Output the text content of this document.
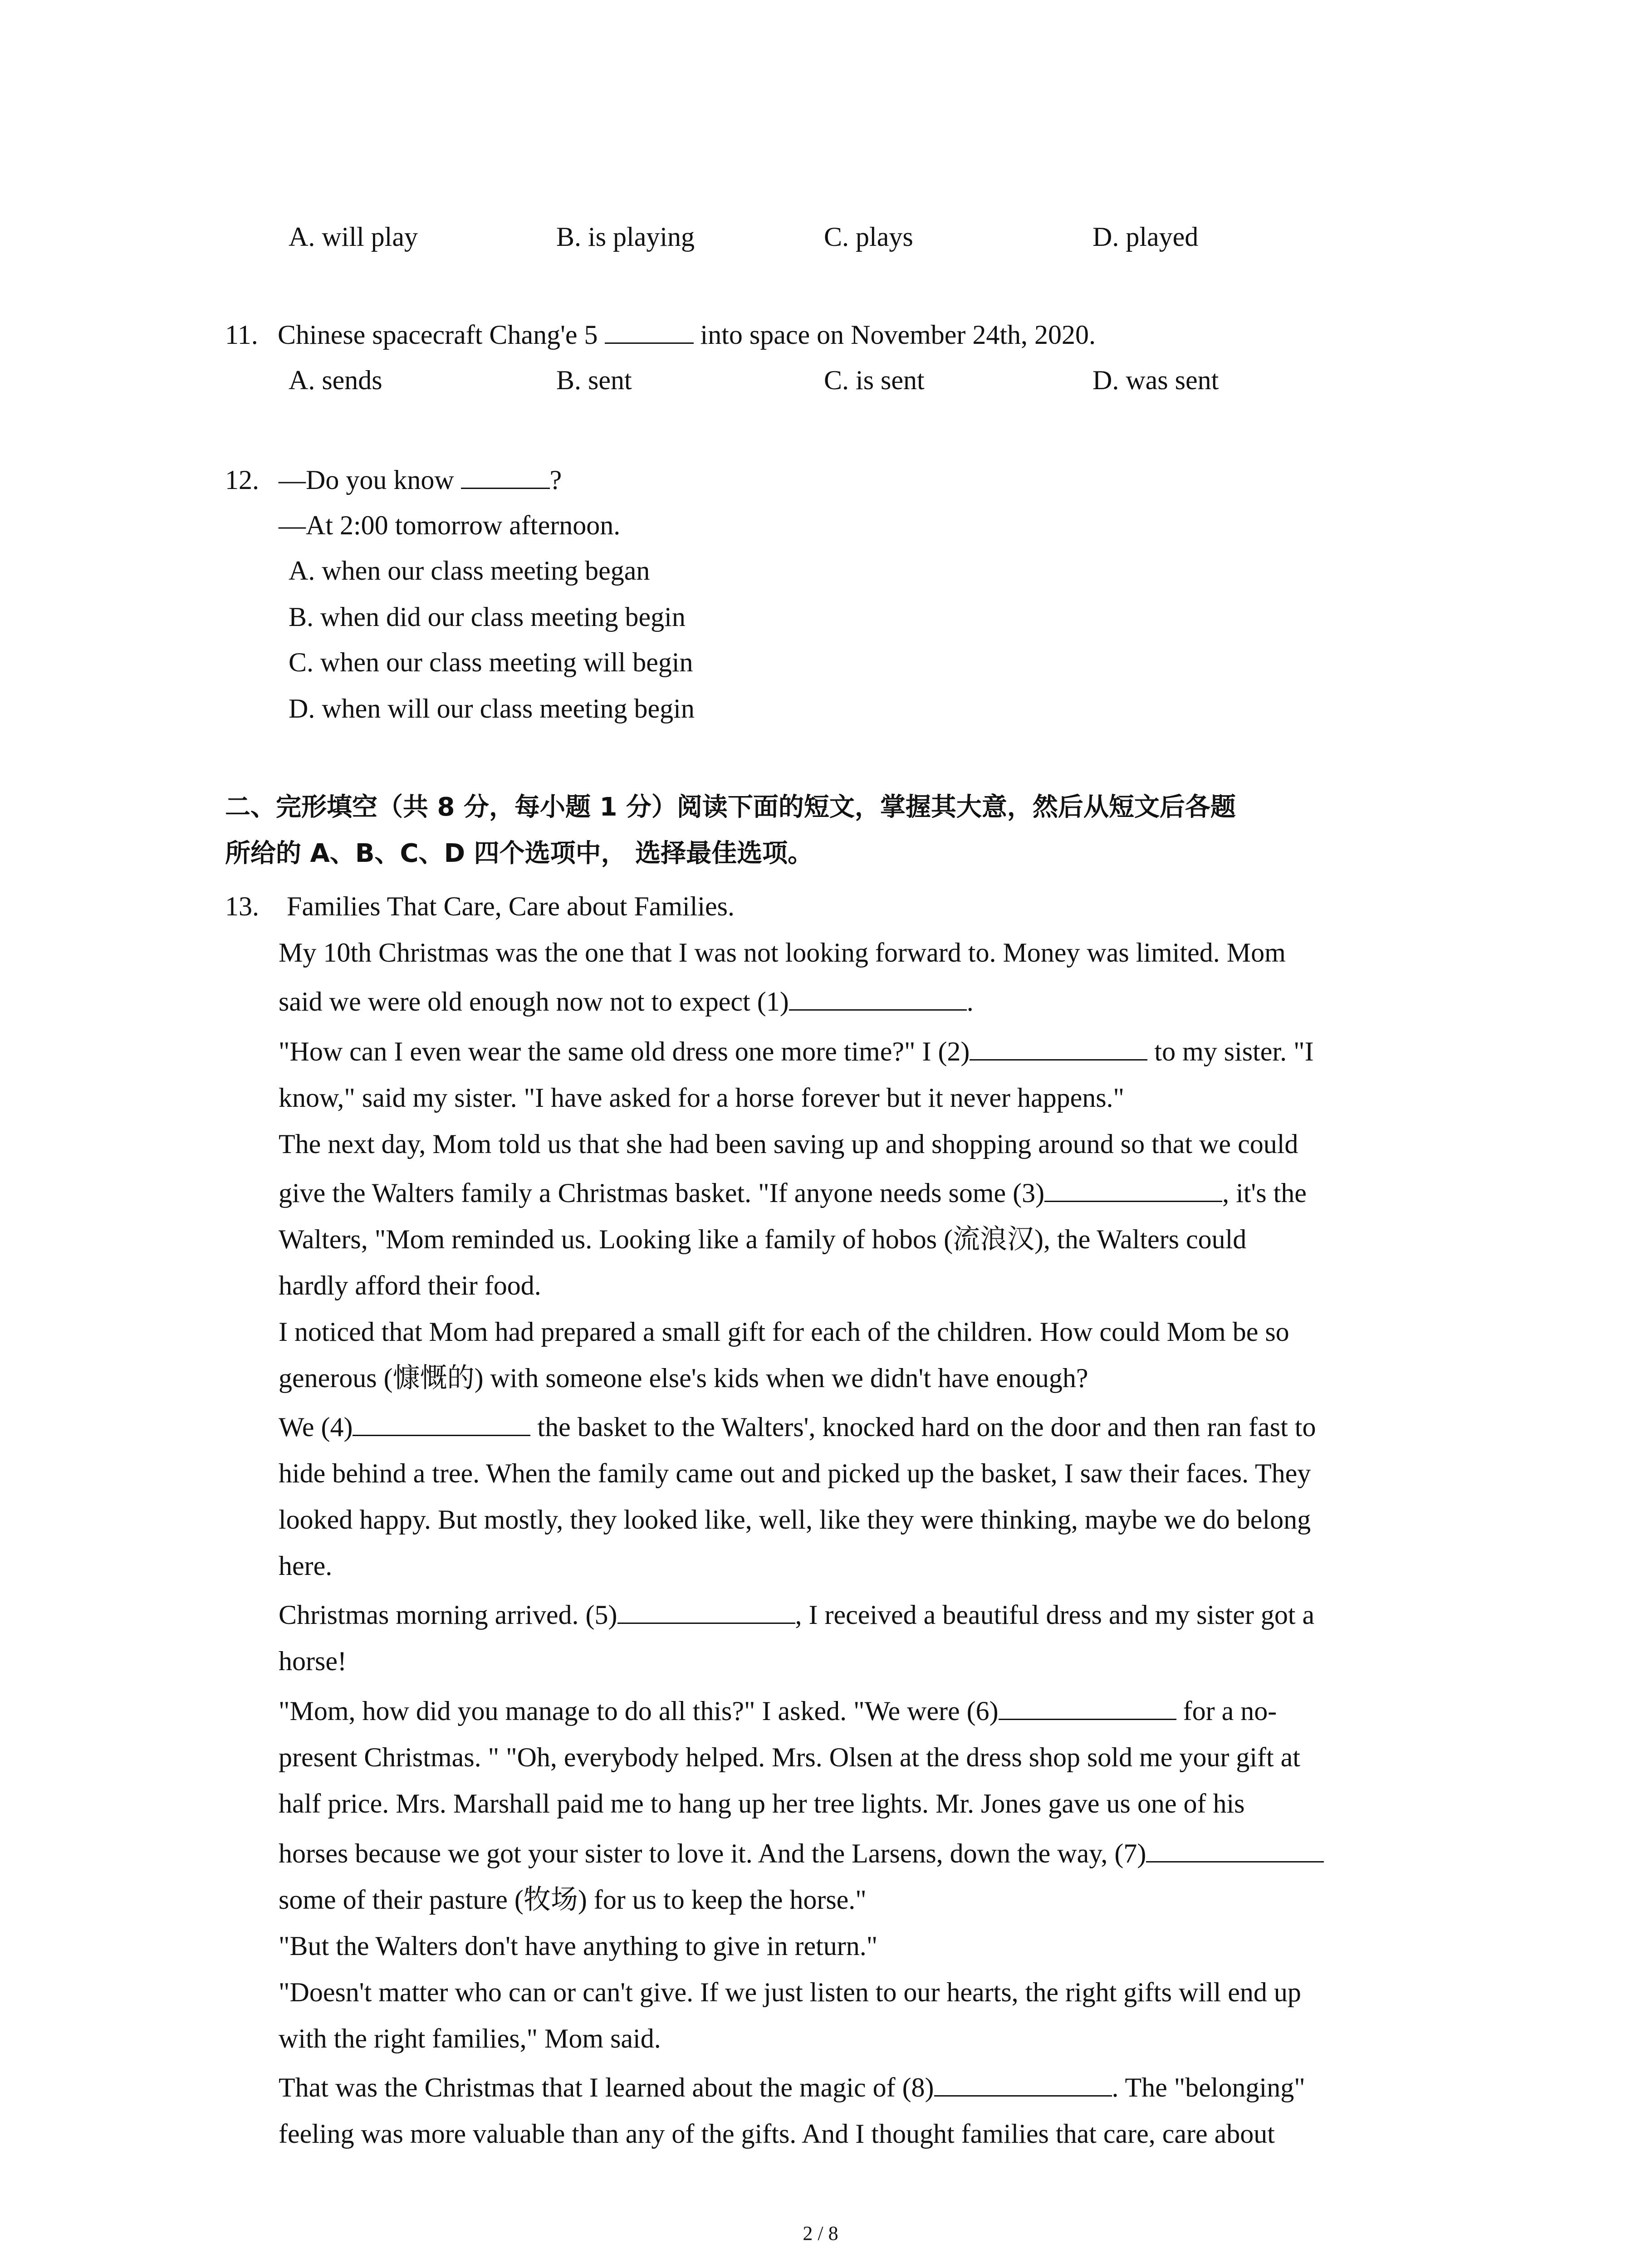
A. will play	B. is playing	C. plays	D. played
11. Chinese spacecraft Chang'e 5	into space on November 24th, 2020.
A. sends	B. sent	C. is sent	D. was sent
12. —Do you know	?
—At 2:00 tomorrow afternoon.
A. when our class meeting began
B. when did our class meeting begin
C. when our class meeting will begin
D. when will our class meeting begin
二、完形填空（共 8 分，每小题 1 分）阅读下面的短文，掌握其大意，然后从短文后各题
所给的 A、B、C、D 四个选项中， 选择最佳选项。
13. Families That Care, Care about Families.
My 10th Christmas was the one that I was not looking forward to. Money was limited. Mom
said we were old enough now not to expect (1)	.
"How can I even wear the same old dress one more time?" I (2)	to my sister. "I
know," said my sister. "I have asked for a horse forever but it never happens."
The next day, Mom told us that she had been saving up and shopping around so that we could
give the Walters family a Christmas basket. "If anyone needs some (3)	, it's the
Walters, "Mom reminded us. Looking like a family of hobos (流浪汉), the Walters could
hardly afford their food.
I noticed that Mom had prepared a small gift for each of the children. How could Mom be so
generous (慷慨的) with someone else's kids when we didn't have enough?
We (4)	the basket to the Walters', knocked hard on the door and then ran fast to
hide behind a tree. When the family came out and picked up the basket, I saw their faces. They
looked happy. But mostly, they looked like, well, like they were thinking, maybe we do belong
here.
Christmas morning arrived. (5)	, I received a beautiful dress and my sister got a
horse!
"Mom, how did you manage to do all this?" I asked. "We were (6)	for a no-
present Christmas. " "Oh, everybody helped. Mrs. Olsen at the dress shop sold me your gift at
half price. Mrs. Marshall paid me to hang up her tree lights. Mr. Jones gave us one of his
horses because we got your sister to love it. And the Larsens, down the way, (7)
some of their pasture (牧场) for us to keep the horse."
"But the Walters don't have anything to give in return."
"Doesn't matter who can or can't give. If we just listen to our hearts, the right gifts will end up
with the right families," Mom said.
That was the Christmas that I learned about the magic of (8)	. The "belonging"
feeling was more valuable than any of the gifts. And I thought families that care, care about
2 / 8
